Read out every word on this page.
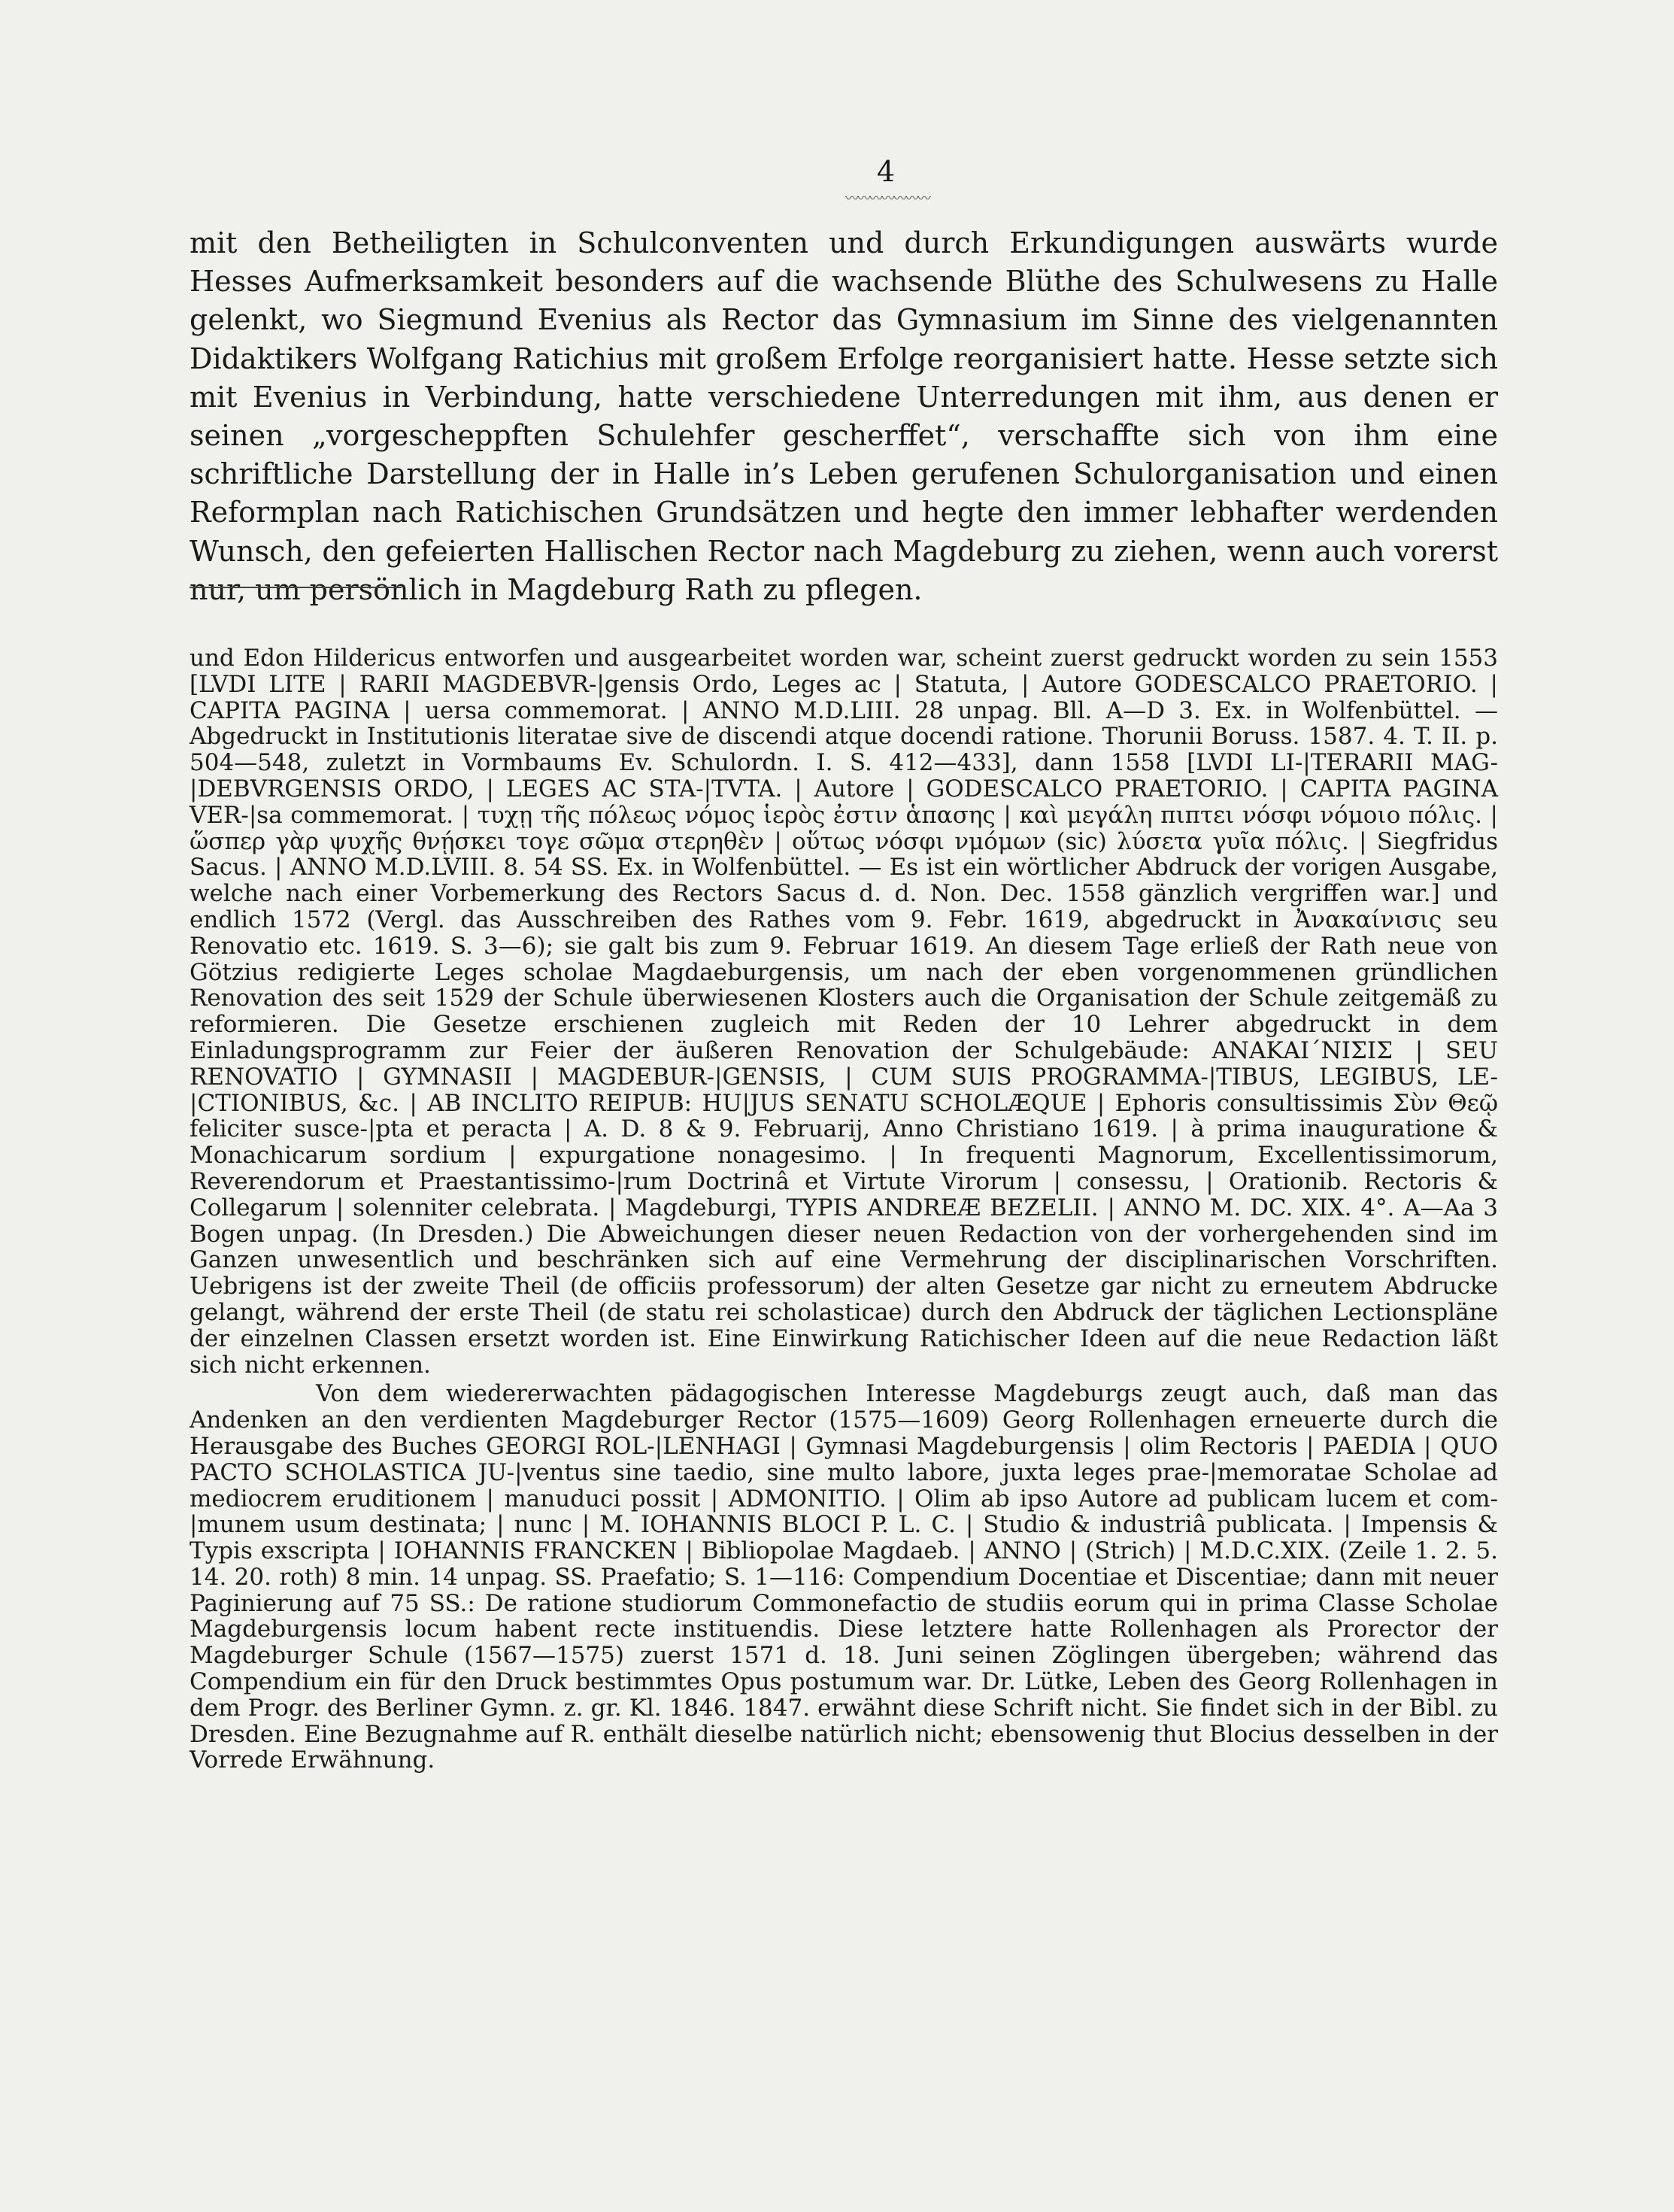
4
〰〰〰〰〰〰〰

mit den Betheiligten in Schulconventen und durch Erkundigungen auswärts wurde Hesses Aufmerksamkeit besonders auf die wachsende Blüthe des Schulwesens zu Halle gelenkt, wo Siegmund Evenius als Rector das Gymnasium im Sinne des vielgenannten Didaktikers Wolfgang Ratichius mit großem Erfolge reorganisiert hatte. Hesse setzte sich mit Evenius in Verbindung, hatte verschiedene Unterredungen mit ihm, aus denen er seinen „vorgescheppften Schulehfer gescherffet“, verschaffte sich von ihm eine schriftliche Darstellung der in Halle in’s Leben gerufenen Schulorganisation und einen Reformplan nach Ratichischen Grundsätzen und hegte den immer lebhafter werdenden Wunsch, den gefeierten Hallischen Rector nach Magdeburg zu ziehen, wenn auch vorerst nur, um persönlich in Magdeburg Rath zu pflegen.

und Edon Hildericus entworfen und ausgearbeitet worden war, scheint zuerst gedruckt worden zu sein 1553 [LVDI LITE | RARII MAGDEBVR-|gensis Ordo, Leges ac | Statuta, | Autore GODESCALCO PRAETORIO. | CAPITA PAGINA | uersa commemorat. | ANNO M.D.LIII. 28 unpag. Bll. A—D 3. Ex. in Wolfenbüttel. — Abgedruckt in Institutionis literatae sive de discendi atque docendi ratione. Thorunii Boruss. 1587. 4. T. II. p. 504—548, zuletzt in Vormbaums Ev. Schulordn. I. S. 412—433], dann 1558 [LVDI LI-|TERARII MAG-|DEBVRGENSIS ORDO, | LEGES AC STA-|TVTA. | Autore | GODESCALCO PRAETORIO. | CAPITA PAGINA VER-|sa commemorat. | τυχῃ τῆς πόλεως νόμος ἱερὸς ἐστιν ἁπασης | καὶ μεγάλη πιπτει νόσφι νόμοιο πόλις. | ὥσπερ γὰρ ψυχῆς θνῄσκει τογε σῶμα στερηθὲν | οὕτως νόσφι νμόμων (sic) λύσετα γυῖα πόλις. | Siegfridus Sacus. | ANNO M.D.LVIII. 8. 54 SS. Ex. in Wolfenbüttel. — Es ist ein wörtlicher Abdruck der vorigen Ausgabe, welche nach einer Vorbemerkung des Rectors Sacus d. d. Non. Dec. 1558 gänzlich vergriffen war.] und endlich 1572 (Vergl. das Ausschreiben des Rathes vom 9. Febr. 1619, abgedruckt in Ἀνακαίνισις seu Renovatio etc. 1619. S. 3—6); sie galt bis zum 9. Februar 1619. An diesem Tage erließ der Rath neue von Götzius redigierte Leges scholae Magdaeburgensis, um nach der eben vorgenommenen gründlichen Renovation des seit 1529 der Schule überwiesenen Klosters auch die Organisation der Schule zeitgemäß zu reformieren. Die Gesetze erschienen zugleich mit Reden der 10 Lehrer abgedruckt in dem Einladungsprogramm zur Feier der äußeren Renovation der Schulgebäude: ΑΝΑΚΑΙ´ΝΙΣΙΣ | SEU RENOVATIO | GYMNASII | MAGDEBUR-|GENSIS, | CUM SUIS PROGRAMMA-|TIBUS, LEGIBUS, LE-|CTIONIBUS, &c. | AB INCLITO REIPUB: HU|JUS SENATU SCHOLÆQUE | Ephoris consultissimis Σὺν Θεῷ feliciter susce-|pta et peracta | A. D. 8 & 9. Februarij, Anno Christiano 1619. | à prima inauguratione & Monachicarum sordium | expurgatione nonagesimo. | In frequenti Magnorum, Excellentissimorum, Reverendorum et Praestantissimo-|rum Doctrinâ et Virtute Virorum | consessu, | Orationib. Rectoris & Collegarum | solenniter celebrata. | Magdeburgi, TYPIS ANDREÆ BEZELII. | ANNO M. DC. XIX. 4°. A—Aa 3 Bogen unpag. (In Dresden.) Die Abweichungen dieser neuen Redaction von der vorhergehenden sind im Ganzen unwesentlich und beschränken sich auf eine Vermehrung der disciplinarischen Vorschriften. Uebrigens ist der zweite Theil (de officiis professorum) der alten Gesetze gar nicht zu erneutem Abdrucke gelangt, während der erste Theil (de statu rei scholasticae) durch den Abdruck der täglichen Lectionspläne der einzelnen Classen ersetzt worden ist. Eine Einwirkung Ratichischer Ideen auf die neue Redaction läßt sich nicht erkennen.

Von dem wiedererwachten pädagogischen Interesse Magdeburgs zeugt auch, daß man das Andenken an den verdienten Magdeburger Rector (1575—1609) Georg Rollenhagen erneuerte durch die Herausgabe des Buches GEORGI ROL-|LENHAGI | Gymnasi Magdeburgensis | olim Rectoris | PAEDIA | QUO PACTO SCHOLASTICA JU-|ventus sine taedio, sine multo labore, juxta leges prae-|memoratae Scholae ad mediocrem eruditionem | manuduci possit | ADMONITIO. | Olim ab ipso Autore ad publicam lucem et com-|munem usum destinata; | nunc | M. IOHANNIS BLOCI P. L. C. | Studio & industriâ publicata. | Impensis & Typis exscripta | IOHANNIS FRANCKEN | Bibliopolae Magdaeb. | ANNO | (Strich) | M.D.C.XIX. (Zeile 1. 2. 5. 14. 20. roth) 8 min. 14 unpag. SS. Praefatio; S. 1—116: Compendium Docentiae et Discentiae; dann mit neuer Paginierung auf 75 SS.: De ratione studiorum Commonefactio de studiis eorum qui in prima Classe Scholae Magdeburgensis locum habent recte instituendis. Diese letztere hatte Rollenhagen als Prorector der Magdeburger Schule (1567—1575) zuerst 1571 d. 18. Juni seinen Zöglingen übergeben; während das Compendium ein für den Druck bestimmtes Opus postumum war. Dr. Lütke, Leben des Georg Rollenhagen in dem Progr. des Berliner Gymn. z. gr. Kl. 1846. 1847. erwähnt diese Schrift nicht. Sie findet sich in der Bibl. zu Dresden. Eine Bezugnahme auf R. enthält dieselbe natürlich nicht; ebensowenig thut Blocius desselben in der Vorrede Erwähnung.
